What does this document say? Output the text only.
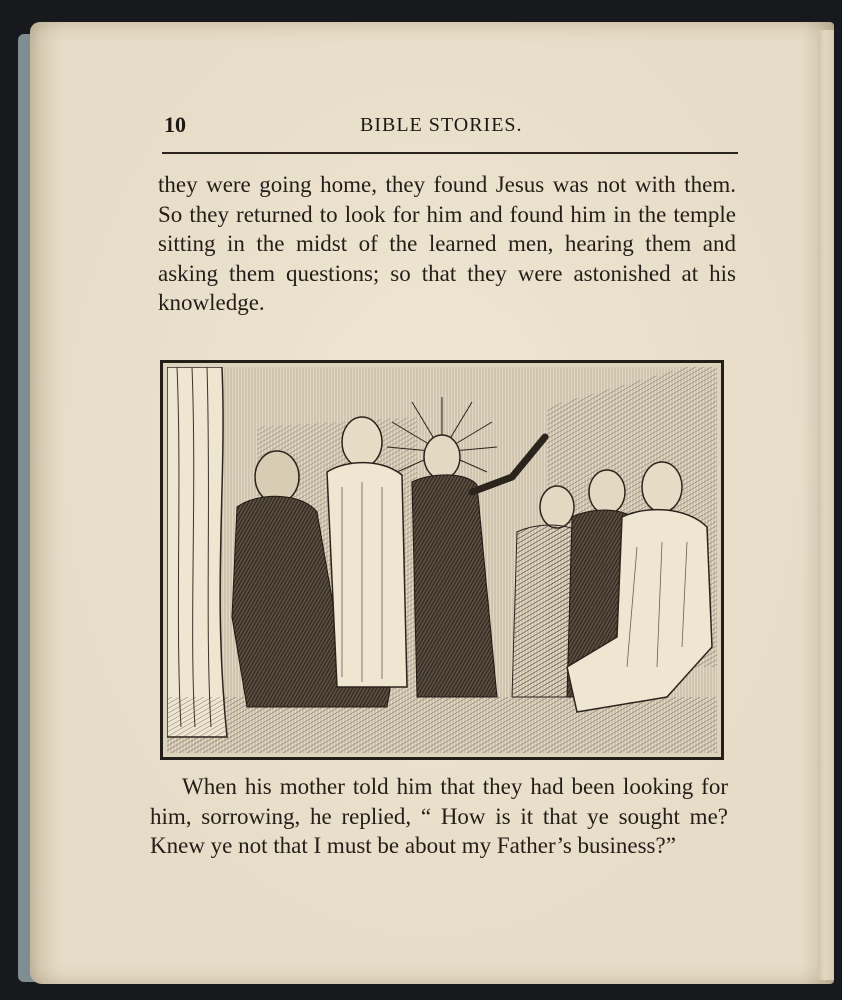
10	BIBLE STORIES.

they were going home, they found Jesus was not with them. So they returned to look for him and found him in the temple sitting in the midst of the learned men, hearing them and asking them questions; so that they were astonished at his knowledge.

When his mother told him that they had been looking for him, sorrowing, he replied, “ How is it that ye sought me? Knew ye not that I must be about my Father’s business?”
